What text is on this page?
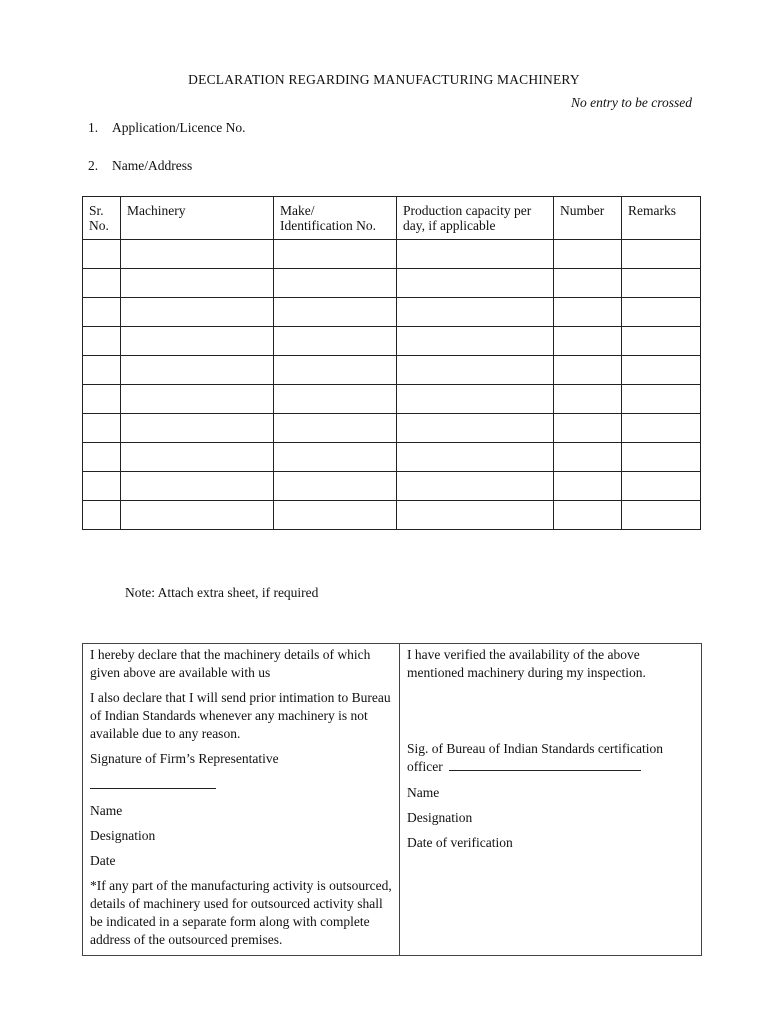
DECLARATION REGARDING MANUFACTURING MACHINERY
No entry to be crossed
1. Application/Licence No.
2. Name/Address
Sr. No.	Machinery	Make/ Identification No.	Production capacity per day, if applicable	Number	Remarks

Note: Attach extra sheet, if required

I hereby declare that the machinery details of which given above are available with us

I also declare that I will send prior intimation to Bureau of Indian Standards whenever any machinery is not available due to any reason.

Signature of Firm’s Representative

Name

Designation

Date

*If any part of the manufacturing activity is outsourced, details of machinery used for outsourced activity shall be indicated in a separate form along with complete address of the outsourced premises.

I have verified the availability of the above mentioned machinery during my inspection.

Sig. of Bureau of Indian Standards certification

officer

Name

Designation

Date of verification
